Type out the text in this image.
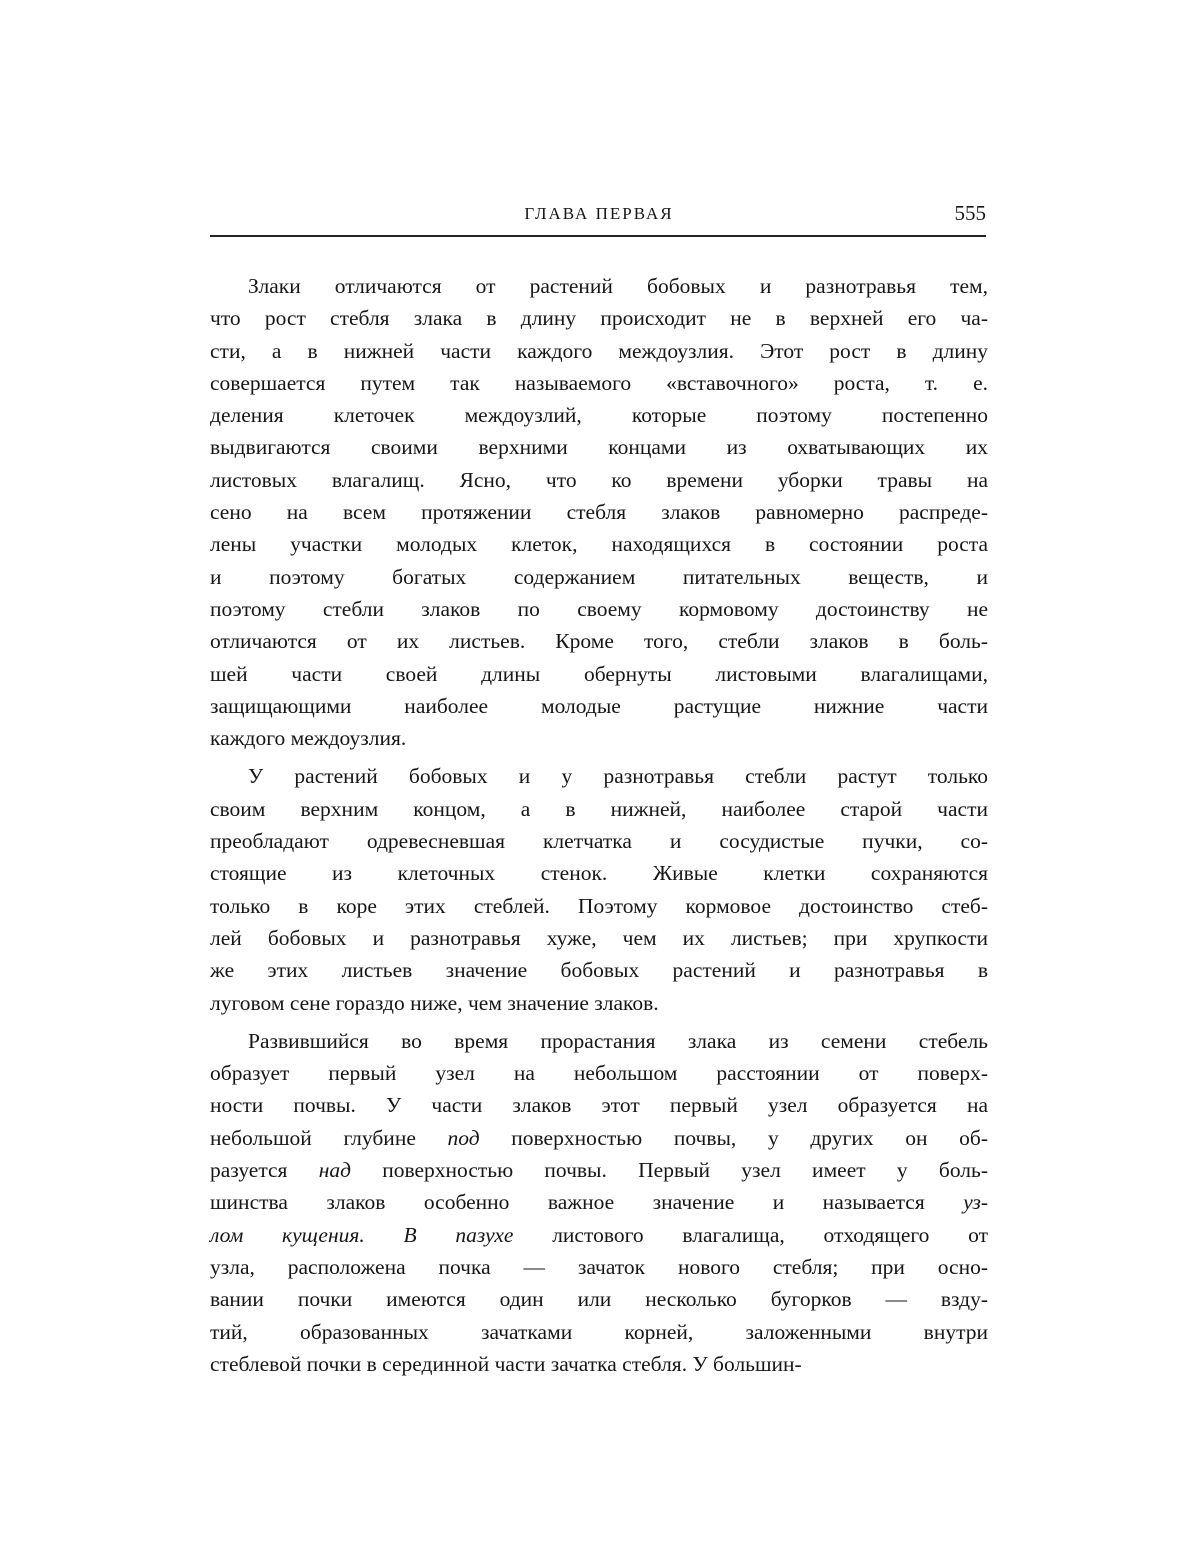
ГЛАВА ПЕРВАЯ	555
Злаки отличаются от растений бобовых и разнотравья тем,
что рост стебля злака в длину происходит не в верхней его ча-
сти, а в нижней части каждого междоузлия. Этот рост в длину
совершается путем так называемого «вставочного» роста, т. е.
деления клеточек междоузлий, которые поэтому постепенно
выдвигаются своими верхними концами из охватывающих их
листовых влагалищ. Ясно, что ко времени уборки травы на
сено на всем протяжении стебля злаков равномерно распреде-
лены участки молодых клеток, находящихся в состоянии роста
и поэтому богатых содержанием питательных веществ, и
поэтому стебли злаков по своему кормовому достоинству не
отличаются от их листьев. Кроме того, стебли злаков в боль-
шей части своей длины обернуты листовыми влагалищами,
защищающими наиболее молодые растущие нижние части
каждого междоузлия.
У растений бобовых и у разнотравья стебли растут только
своим верхним концом, а в нижней, наиболее старой части
преобладают одревесневшая клетчатка и сосудистые пучки, со-
стоящие из клеточных стенок. Живые клетки сохраняются
только в коре этих стеблей. Поэтому кормовое достоинство стеб-
лей бобовых и разнотравья хуже, чем их листьев; при хрупкости
же этих листьев значение бобовых растений и разнотравья в
луговом сене гораздо ниже, чем значение злаков.
Развившийся во время прорастания злака из семени стебель
образует первый узел на небольшом расстоянии от поверх-
ности почвы. У части злаков этот первый узел образуется на
небольшой глубине под поверхностью почвы, у других он об-
разуется над поверхностью почвы. Первый узел имеет у боль-
шинства злаков особенно важное значение и называется уз-
лом кущения. В пазухе листового влагалища, отходящего от
узла, расположена почка — зачаток нового стебля; при осно-
вании почки имеются один или несколько бугорков — взду-
тий, образованных зачатками корней, заложенными внутри
стеблевой почки в серединной части зачатка стебля. У большин-
